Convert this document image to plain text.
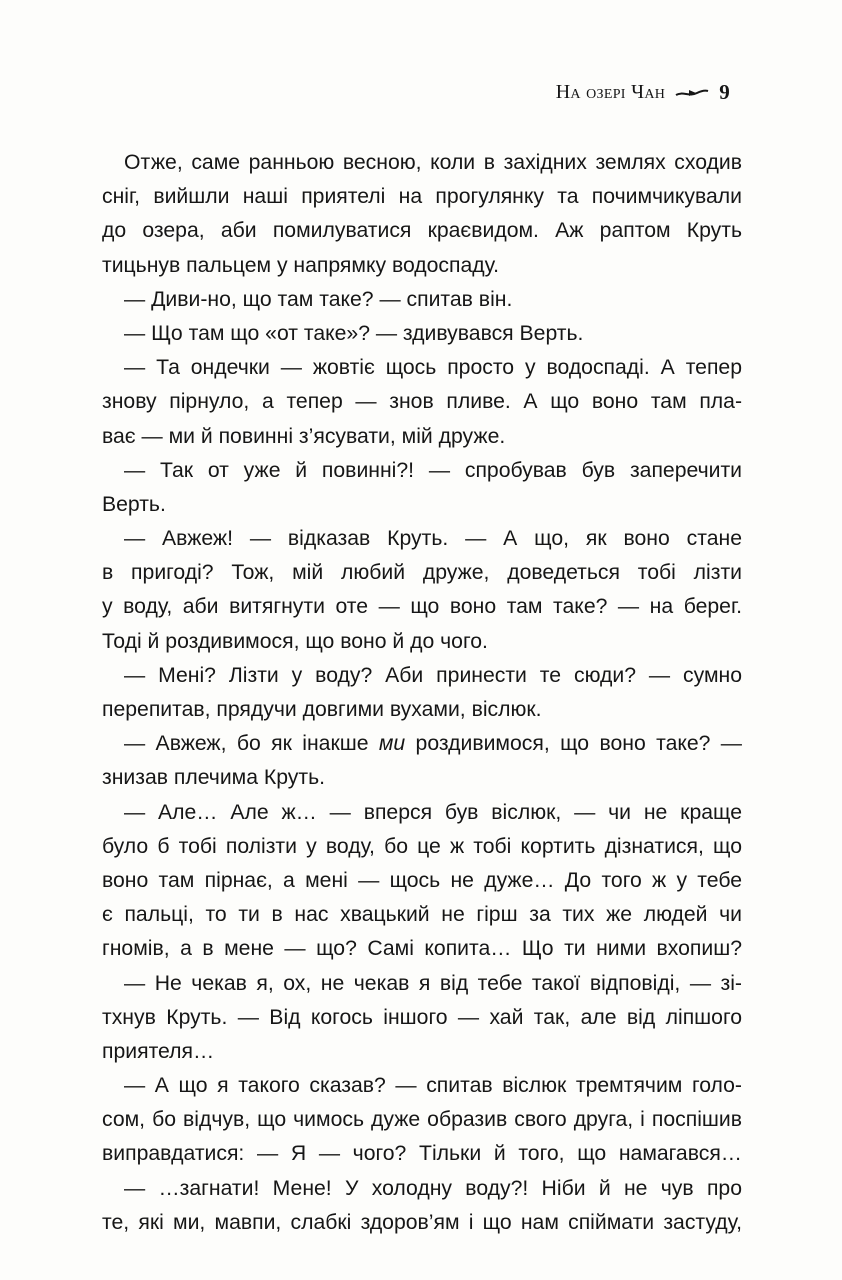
На озері Чан	9
Отже, саме ранньою весною, коли в західних землях сходив
сніг, вийшли наші приятелі на прогулянку та почимчикували
до озера, аби помилуватися краєвидом. Аж раптом Круть
тицьнув пальцем у напрямку водоспаду.
— Диви-но, що там таке? — спитав він.
— Що там що «от таке»? — здивувався Верть.
— Та ондечки — жовтіє щось просто у водоспаді. А тепер
знову пірнуло, а тепер — знов пливе. А що воно там пла-
ває — ми й повинні з’ясувати, мій друже.
— Так от уже й повинні?! — спробував був заперечити
Верть.
— Авжеж! — відказав Круть. — А що, як воно стане
в пригоді? Тож, мій любий друже, доведеться тобі лізти
у воду, аби витягнути оте — що воно там таке? — на берег.
Тоді й роздивимося, що воно й до чого.
— Мені? Лізти у воду? Аби принести те сюди? — сумно
перепитав, прядучи довгими вухами, віслюк.
— Авжеж, бо як інакше ми роздивимося, що воно таке? —
знизав плечима Круть.
— Але… Але ж… — вперся був віслюк, — чи не краще
було б тобі полізти у воду, бо це ж тобі кортить дізнатися, що
воно там пірнає, а мені — щось не дуже… До того ж у тебе
є пальці, то ти в нас хвацький не гірш за тих же людей чи
гномів, а в мене — що? Самі копита… Що ти ними вхопиш?
— Не чекав я, ох, не чекав я від тебе такої відповіді, — зі-
тхнув Круть. — Від когось іншого — хай так, але від ліпшого
приятеля…
— А що я такого сказав? — спитав віслюк тремтячим голо-
сом, бо відчув, що чимось дуже образив свого друга, і поспішив
виправдатися: — Я — чого? Тільки й того, що намагався…
— …загнати! Мене! У холодну воду?! Ніби й не чув про
те, які ми, мавпи, слабкі здоров’ям і що нам спіймати застуду,
